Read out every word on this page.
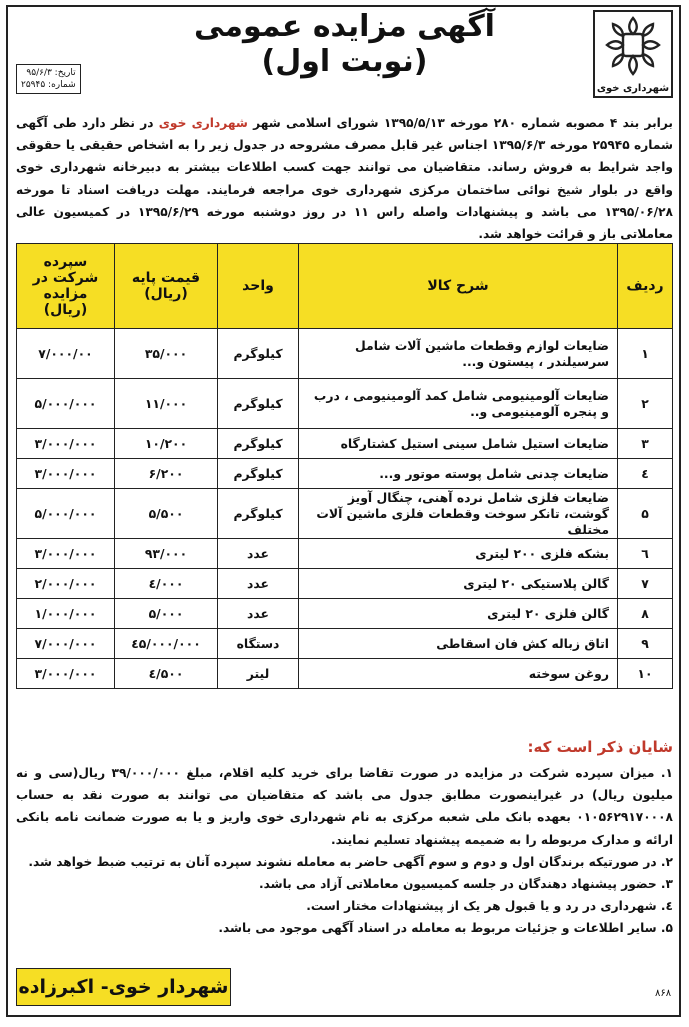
شهرداری خوی
آگهی مزایده عمومی
(نوبت اول)
تاریخ: ۹۵/۶/۳
شماره: ۲۵۹۴۵
برابر بند ۴ مصوبه شماره ۲۸۰ مورخه ۱۳۹۵/۵/۱۳ شورای اسلامی شهر شهرداری خوی در نظر دارد طی آگهی شماره ۲۵۹۴۵ مورخه ۱۳۹۵/۶/۳ اجناس غیر قابل مصرف مشروحه در جدول زیر را به اشخاص حقیقی یا حقوقی واجد شرایط به فروش رساند. متقاضیان می توانند جهت کسب اطلاعات بیشتر به دبیرخانه شهرداری خوی واقع در بلوار شیخ نوائی ساختمان مرکزی شهرداری خوی مراجعه فرمایند. مهلت دریافت اسناد تا مورخه ۱۳۹۵/۰۶/۲۸ می باشد و پیشنهادات واصله راس ۱۱ در روز دوشنبه مورخه ۱۳۹۵/۶/۲۹ در کمیسیون عالی معاملاتی باز و قرائت خواهد شد.
ردیف	شرح کالا	واحد	قیمت پایه (ریال)	سپرده شرکت در مزایده (ریال)
۱	ضایعات لوازم وقطعات ماشین آلات شامل سرسیلندر ، پیستون و...	کیلوگرم	۳۵/۰۰۰	۷/۰۰۰/۰۰
۲	ضایعات آلومینیومی شامل کمد آلومینیومی ، درب و پنجره آلومینیومی و..	کیلوگرم	۱۱/۰۰۰	۵/۰۰۰/۰۰۰
۳	ضایعات استیل شامل سینی استیل کشتارگاه	کیلوگرم	۱۰/۲۰۰	۳/۰۰۰/۰۰۰
٤	ضایعات چدنی شامل پوسته موتور و...	کیلوگرم	۶/۲۰۰	۳/۰۰۰/۰۰۰
۵	ضایعات فلزی شامل نرده آهنی، چنگال آویز گوشت، تانکر سوخت وقطعات فلزی ماشین آلات مختلف	کیلوگرم	۵/۵۰۰	۵/۰۰۰/۰۰۰
٦	بشکه فلزی ۲۰۰ لیتری	عدد	۹۳/۰۰۰	۳/۰۰۰/۰۰۰
۷	گالن پلاستیکی ۲۰ لیتری	عدد	٤/۰۰۰	۲/۰۰۰/۰۰۰
۸	گالن فلزی ۲۰ لیتری	عدد	۵/۰۰۰	۱/۰۰۰/۰۰۰
۹	اتاق زباله کش فان اسقاطی	دستگاه	٤۵/۰۰۰/۰۰۰	۷/۰۰۰/۰۰۰
۱۰	روغن سوخته	لیتر	٤/۵۰۰	۳/۰۰۰/۰۰۰
شایان ذکر است که:

۱. میزان سپرده شرکت در مزایده در صورت تقاضا برای خرید کلیه اقلام، مبلغ ۳۹/۰۰۰/۰۰۰ ریال(سی و نه میلیون ریال) در غیراینصورت مطابق جدول می باشد که متقاضیان می توانند به صورت نقد به حساب ۰۱۰۵۶۲۹۱۷۰۰۰۸ بعهده بانک ملی شعبه مرکزی به نام شهرداری خوی واریز و یا به صورت ضمانت نامه بانکی ارائه و مدارک مربوطه را به ضمیمه پیشنهاد تسلیم نمایند.

۲. در صورتیکه برندگان اول و دوم و سوم آگهی حاضر به معامله نشوند سپرده آنان به ترتیب ضبط خواهد شد.

۳. حضور پیشنهاد دهندگان در جلسه کمیسیون معاملاتی آزاد می باشد.

٤. شهرداری در رد و یا قبول هر یک از پیشنهادات مختار است.

۵. سایر اطلاعات و جزئیات مربوط به معامله در اسناد آگهی موجود می باشد.

شهردار خوی- اکبرزاده	۸۶۸
